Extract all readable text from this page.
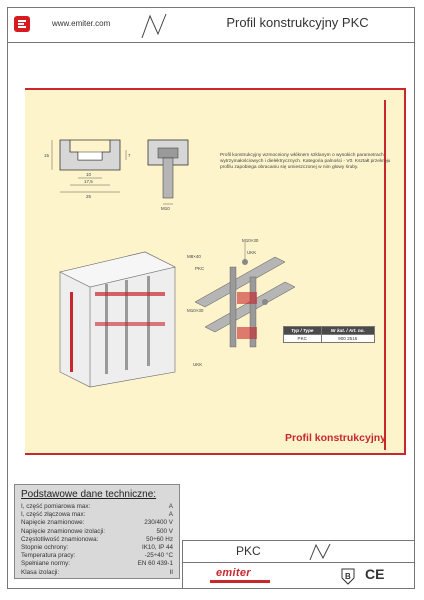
www.emiter.com	Profil konstrukcyjny PKC
15	7
10
17,5
25
M10
Profil konstrukcyjny wzmocniony włóknem szklanym o wysokich parametrach wytrzymałościowych i dielektrycznych. Kategoria palności - V0. Kształt przekroju profilu zapobiega obracaniu się umieszczonej w nim głowy śruby.
M10×30
M8×40
PKC
UKK
M10×30
UKK
Typ / Type	Nr kat. / Art. no.
PKC	900 2515
Profil konstrukcyjny
Podstawowe dane techniczne:
I, część pomiarowa max:	A
I, część złączowa max:	A
Napięcie znamionowe:	230/400 V
Napięcie znamionowe izolacji:	500 V
Częstotliwość znamionowa:	50÷60 Hz
Stopnie ochrony:	IK10, IP 44
Temperatura pracy:	-25÷40 °C
Spełniane normy:	EN 60 439-1
Klasa izolacji:	II
PKC
emiter	B CE
